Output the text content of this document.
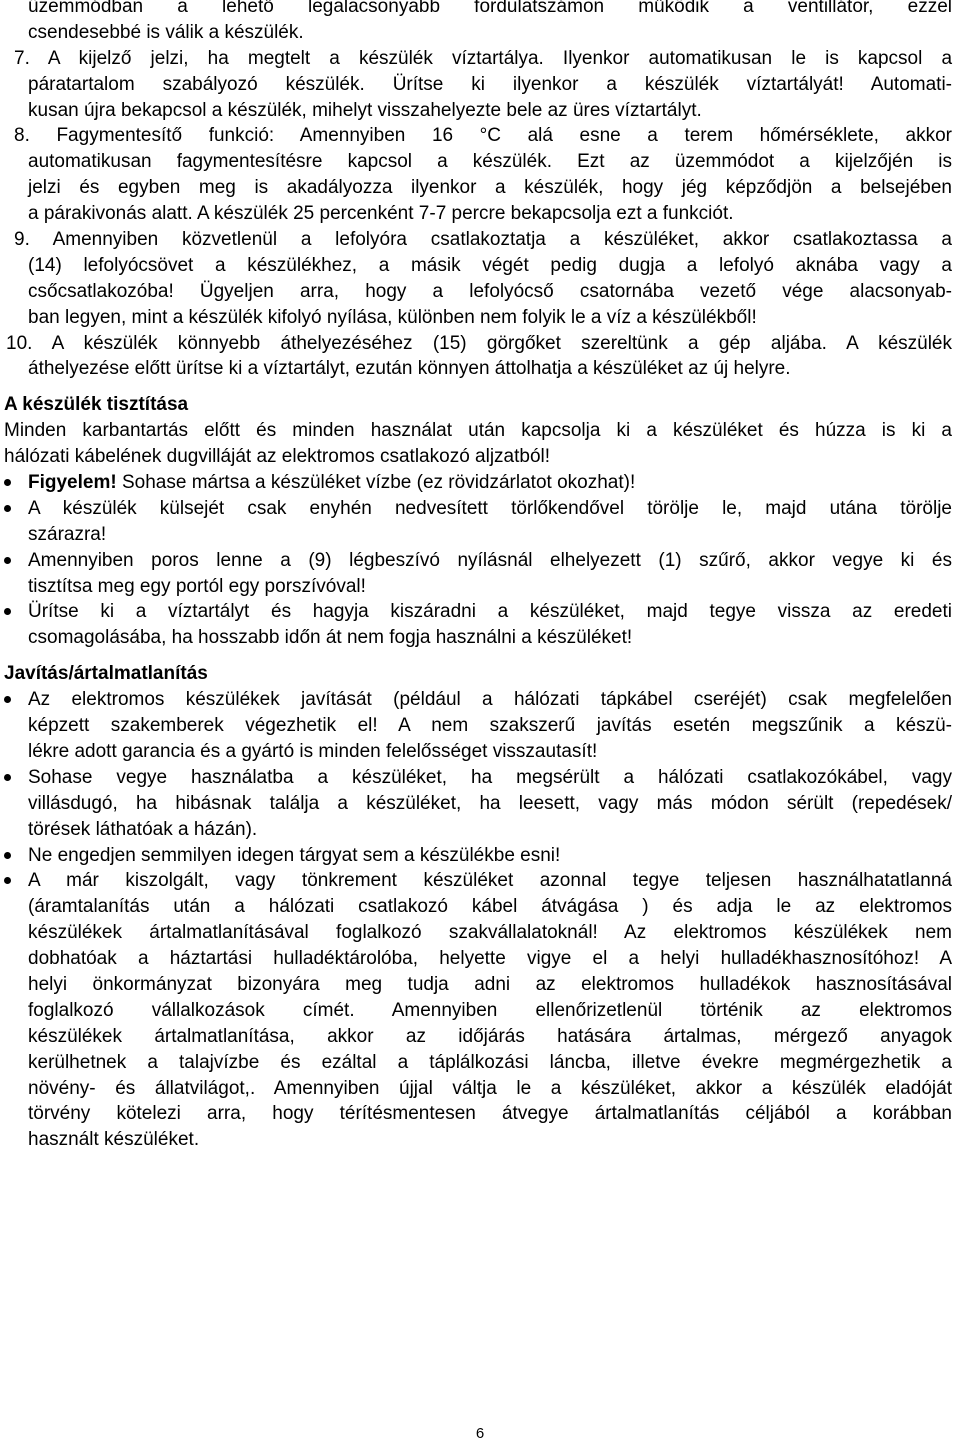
üzemmódban a lehető legalacsonyabb fordulatszámon működik a ventillátor, ezzel
csendesebbé is válik a készülék.
7. A kijelző jelzi, ha megtelt a készülék víztartálya. Ilyenkor automatikusan le is kapcsol a
páratartalom szabályozó készülék. Ürítse ki ilyenkor a készülék víztartályát! Automati-
kusan újra bekapcsol a készülék, mihelyt visszahelyezte bele az üres víztartályt.
8. Fagymentesítő funkció: Amennyiben 16 °C alá esne a terem hőmérséklete, akkor
automatikusan fagymentesítésre kapcsol a készülék. Ezt az üzemmódot a kijelzőjén is
jelzi és egyben meg is akadályozza ilyenkor a készülék, hogy jég képződjön a belsejében
a párakivonás alatt. A készülék 25 percenként 7-7 percre bekapcsolja ezt a funkciót.
9. Amennyiben közvetlenül a lefolyóra csatlakoztatja a készüléket, akkor csatlakoztassa a
(14) lefolyócsövet a készülékhez, a másik végét pedig dugja a lefolyó aknába vagy a
csőcsatlakozóba! Ügyeljen arra, hogy a lefolyócső csatornába vezető vége alacsonyab-
ban legyen, mint a készülék kifolyó nyílása, különben nem folyik le a víz a készülékből!
10. A készülék könnyebb áthelyezéséhez (15) görgőket szereltünk a gép aljába. A készülék
áthelyezése előtt ürítse ki a víztartályt, ezután könnyen áttolhatja a készüléket az új helyre.
A készülék tisztítása
Minden karbantartás előtt és minden használat után kapcsolja ki a készüléket és húzza is ki a
hálózati kábelének dugvilláját az elektromos csatlakozó aljzatból!
Figyelem! Sohase mártsa a készüléket vízbe (ez rövidzárlatot okozhat)!
A készülék külsejét csak enyhén nedvesített törlőkendővel törölje le, majd utána törölje
szárazra!
Amennyiben poros lenne a (9) légbeszívó nyílásnál elhelyezett (1) szűrő, akkor vegye ki és
tisztítsa meg egy portól egy porszívóval!
Ürítse ki a víztartályt és hagyja kiszáradni a készüléket, majd tegye vissza az eredeti
csomagolásába, ha hosszabb időn át nem fogja használni a készüléket!
Javítás/ártalmatlanítás
Az elektromos készülékek javítását (például a hálózati tápkábel cseréjét) csak megfelelően
képzett szakemberek végezhetik el! A nem szakszerű javítás esetén megszűnik a készü-
lékre adott garancia és a gyártó is minden felelősséget visszautasít!
Sohase vegye használatba a készüléket, ha megsérült a hálózati csatlakozókábel, vagy
villásdugó, ha hibásnak találja a készüléket, ha leesett, vagy más módon sérült (repedések/
törések láthatóak a házán).
Ne engedjen semmilyen idegen tárgyat sem a készülékbe esni!
A már kiszolgált, vagy tönkrement készüléket azonnal tegye teljesen használhatatlanná
(áramtalanítás után a hálózati csatlakozó kábel átvágása ) és adja le az elektromos
készülékek ártalmatlanításával foglalkozó szakvállalatoknál! Az elektromos készülékek nem
dobhatóak a háztartási hulladéktárolóba, helyette vigye el a helyi hulladékhasznosítóhoz! A
helyi önkormányzat bizonyára meg tudja adni az elektromos hulladékok hasznosításával
foglalkozó vállalkozások címét. Amennyiben ellenőrizetlenül történik az elektromos
készülékek ártalmatlanítása, akkor az időjárás hatására ártalmas, mérgező anyagok
kerülhetnek a talajvízbe és ezáltal a táplálkozási láncba, illetve évekre megmérgezhetik a
növény- és állatvilágot,. Amennyiben újjal váltja le a készüléket, akkor a készülék eladóját
törvény kötelezi arra, hogy térítésmentesen átvegye ártalmatlanítás céljából a korábban
használt készüléket.
6
